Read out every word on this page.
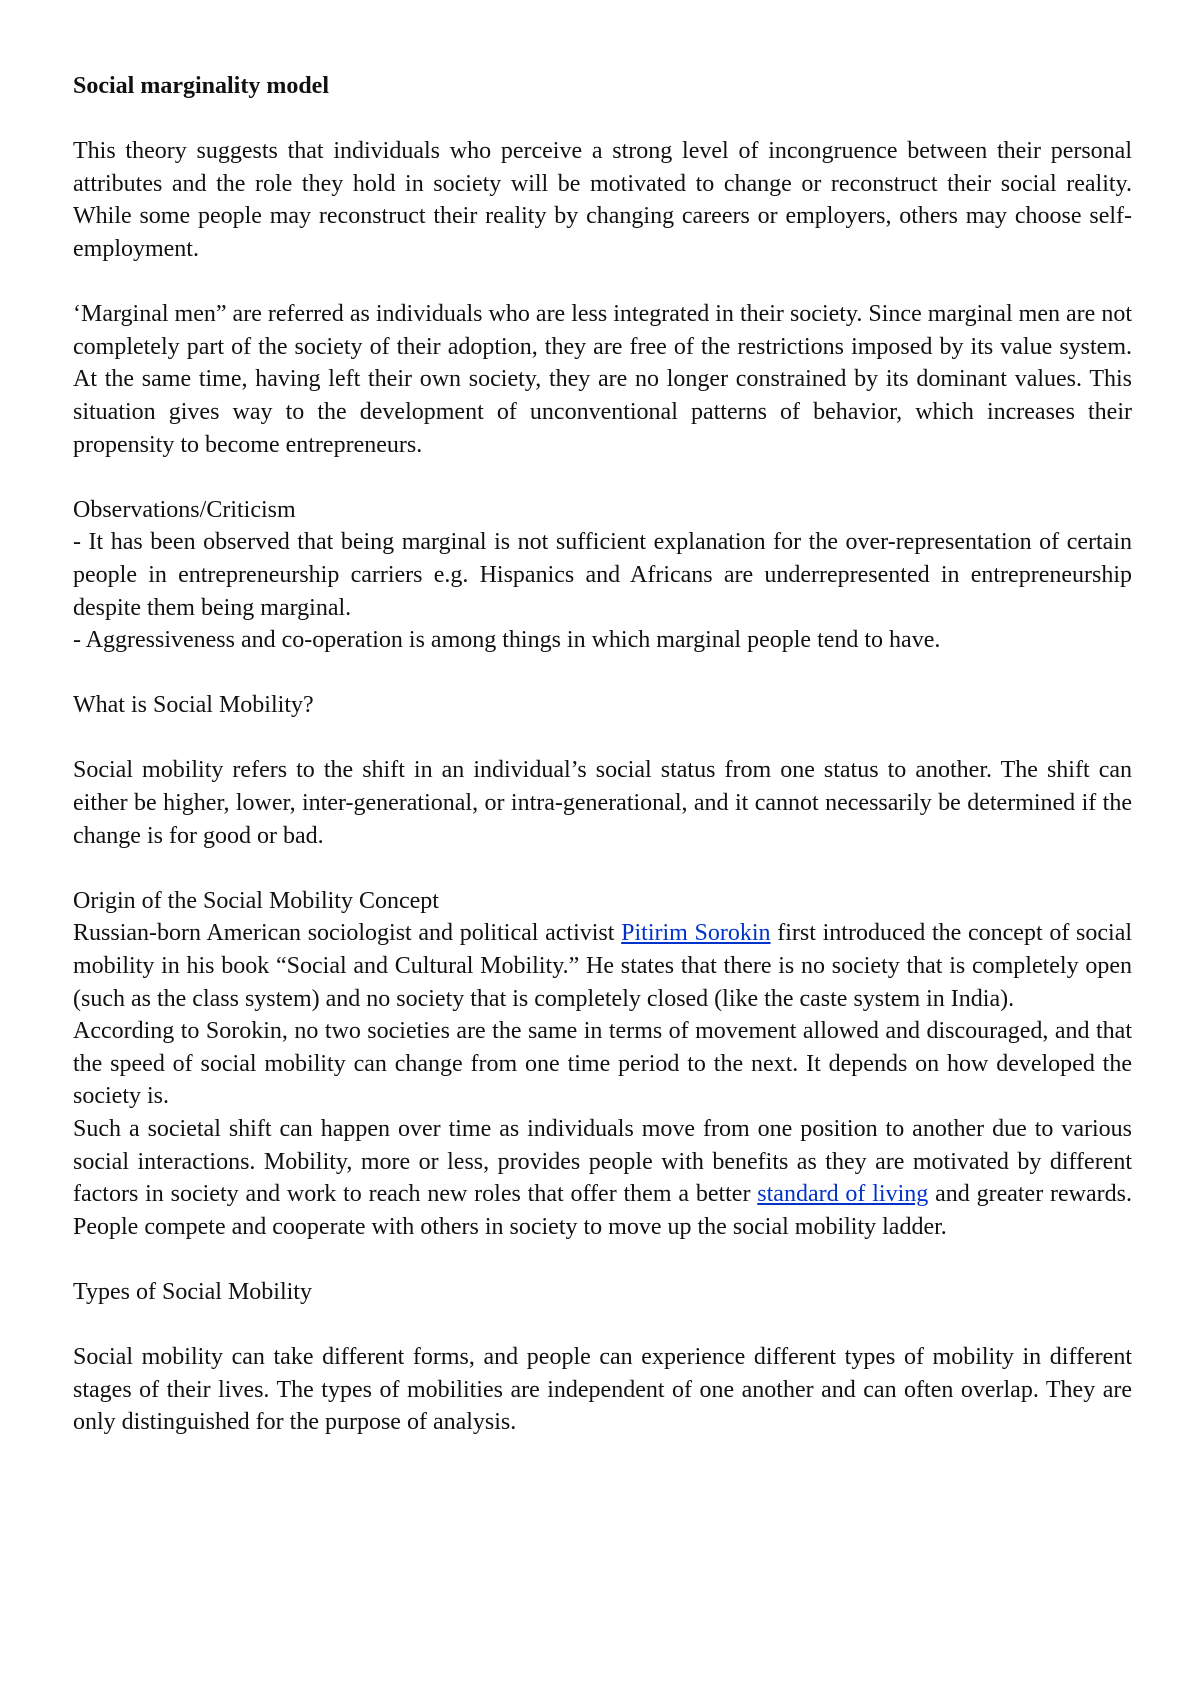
Social marginality model

This theory suggests that individuals who perceive a strong level of incongruence between their personal attributes and the role they hold in society will be motivated to change or reconstruct their social reality. While some people may reconstruct their reality by changing careers or employers, others may choose self-employment.

‘Marginal men” are referred as individuals who are less integrated in their society. Since marginal men are not completely part of the society of their adoption, they are free of the restrictions imposed by its value system. At the same time, having left their own society, they are no longer constrained by its dominant values. This situation gives way to the development of unconventional patterns of behavior, which increases their propensity to become entrepreneurs.

Observations/Criticism

- It has been observed that being marginal is not sufficient explanation for the over-representation of certain people in entrepreneurship carriers e.g. Hispanics and Africans are underrepresented in entrepreneurship despite them being marginal.

- Aggressiveness and co-operation is among things in which marginal people tend to have.

What is Social Mobility?

Social mobility refers to the shift in an individual’s social status from one status to another. The shift can either be higher, lower, inter-generational, or intra-generational, and it cannot necessarily be determined if the change is for good or bad.

Origin of the Social Mobility Concept

Russian-born American sociologist and political activist Pitirim Sorokin first introduced the concept of social mobility in his book “Social and Cultural Mobility.” He states that there is no society that is completely open (such as the class system) and no society that is completely closed (like the caste system in India).

According to Sorokin, no two societies are the same in terms of movement allowed and discouraged, and that the speed of social mobility can change from one time period to the next. It depends on how developed the society is.

Such a societal shift can happen over time as individuals move from one position to another due to various social interactions. Mobility, more or less, provides people with benefits as they are motivated by different factors in society and work to reach new roles that offer them a better standard of living and greater rewards. People compete and cooperate with others in society to move up the social mobility ladder.

Types of Social Mobility

Social mobility can take different forms, and people can experience different types of mobility in different stages of their lives. The types of mobilities are independent of one another and can often overlap. They are only distinguished for the purpose of analysis.
